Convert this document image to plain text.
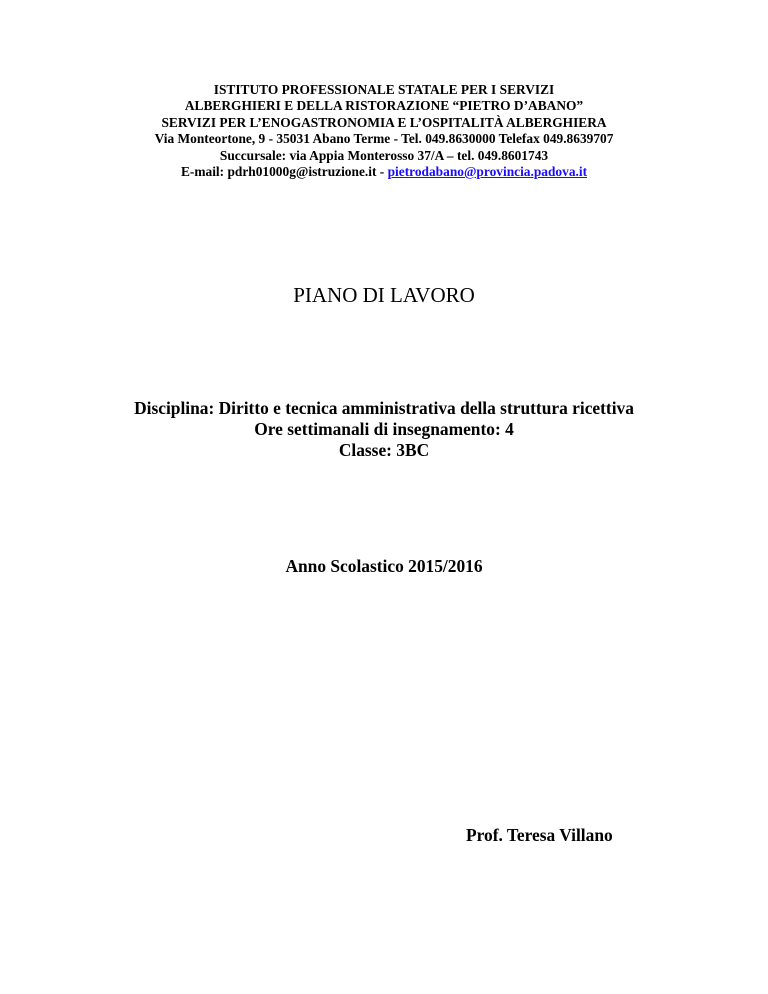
ISTITUTO PROFESSIONALE STATALE PER I SERVIZI
ALBERGHIERI E DELLA RISTORAZIONE “PIETRO D’ABANO”
SERVIZI PER L’ENOGASTRONOMIA E L’OSPITALITÀ ALBERGHIERA
Via Monteortone, 9 - 35031 Abano Terme - Tel. 049.8630000 Telefax 049.8639707
Succursale: via Appia Monterosso 37/A – tel. 049.8601743
E-mail: pdrh01000g@istruzione.it - pietrodabano@provincia.padova.it
PIANO DI LAVORO
Disciplina: Diritto e tecnica amministrativa della struttura ricettiva
Ore settimanali di insegnamento: 4
Classe: 3BC
Anno Scolastico 2015/2016
Prof. Teresa Villano
